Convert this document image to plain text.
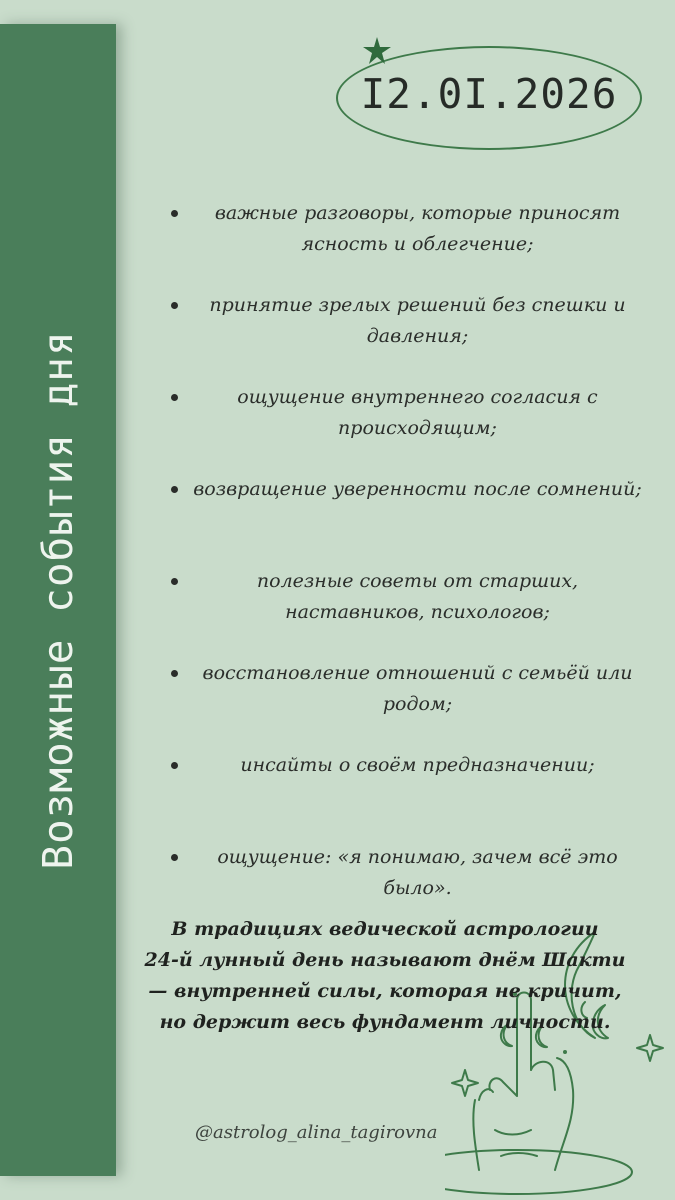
Возможные события дня
I2.0I.2026
важные разговоры, которые приносят ясность и облегчение;
принятие зрелых решений без спешки и давления;
ощущение внутреннего согласия с происходящим;
возвращение уверенности после сомнений;
полезные советы от старших, наставников, психологов;
восстановление отношений с семьёй или родом;
инсайты о своём предназначении;
ощущение: «я понимаю, зачем всё это было».
В традициях ведической астрологии
24-й лунный день называют днём Шакти
— внутренней силы, которая не кричит,
но держит весь фундамент личности.
@astrolog_alina_tagirovna
